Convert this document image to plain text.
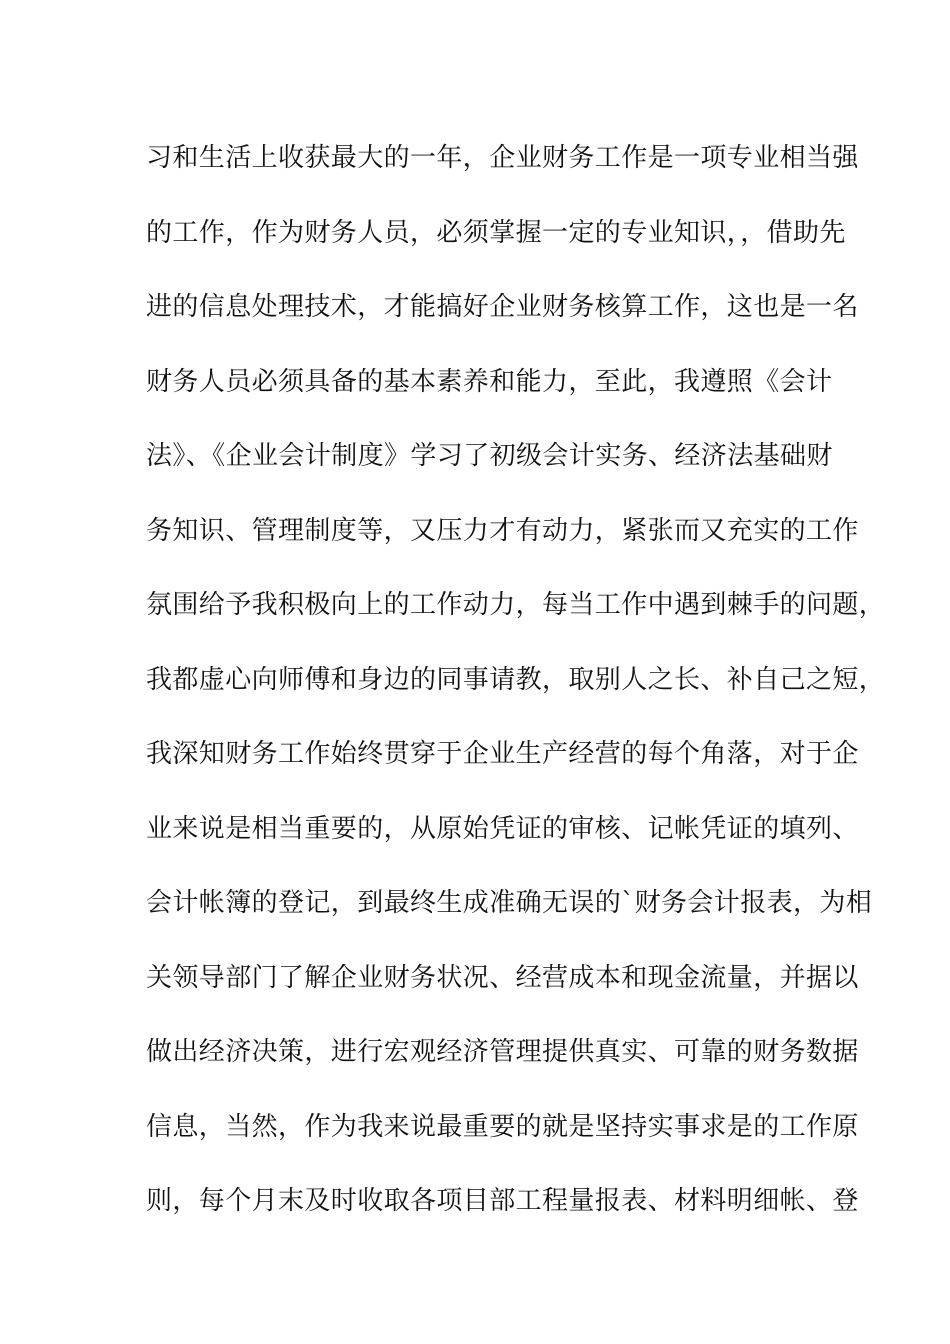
习和生活上收获最大的一年，企业财务工作是一项专业相当强
的工作，作为财务人员，必须掌握一定的专业知识，，借助先
进的信息处理技术，才能搞好企业财务核算工作，这也是一名
财务人员必须具备的基本素养和能力，至此，我遵照《会计
法》、《企业会计制度》学习了初级会计实务、经济法基础财
务知识、管理制度等，又压力才有动力，紧张而又充实的工作
氛围给予我积极向上的工作动力，每当工作中遇到棘手的问题，
我都虚心向师傅和身边的同事请教，取别人之长、补自己之短，
我深知财务工作始终贯穿于企业生产经营的每个角落，对于企
业来说是相当重要的，从原始凭证的审核、记帐凭证的填列、
会计帐簿的登记，到最终生成准确无误的`财务会计报表，为相
关领导部门了解企业财务状况、经营成本和现金流量，并据以
做出经济决策，进行宏观经济管理提供真实、可靠的财务数据
信息，当然，作为我来说最重要的就是坚持实事求是的工作原
则，每个月末及时收取各项目部工程量报表、材料明细帐、登
